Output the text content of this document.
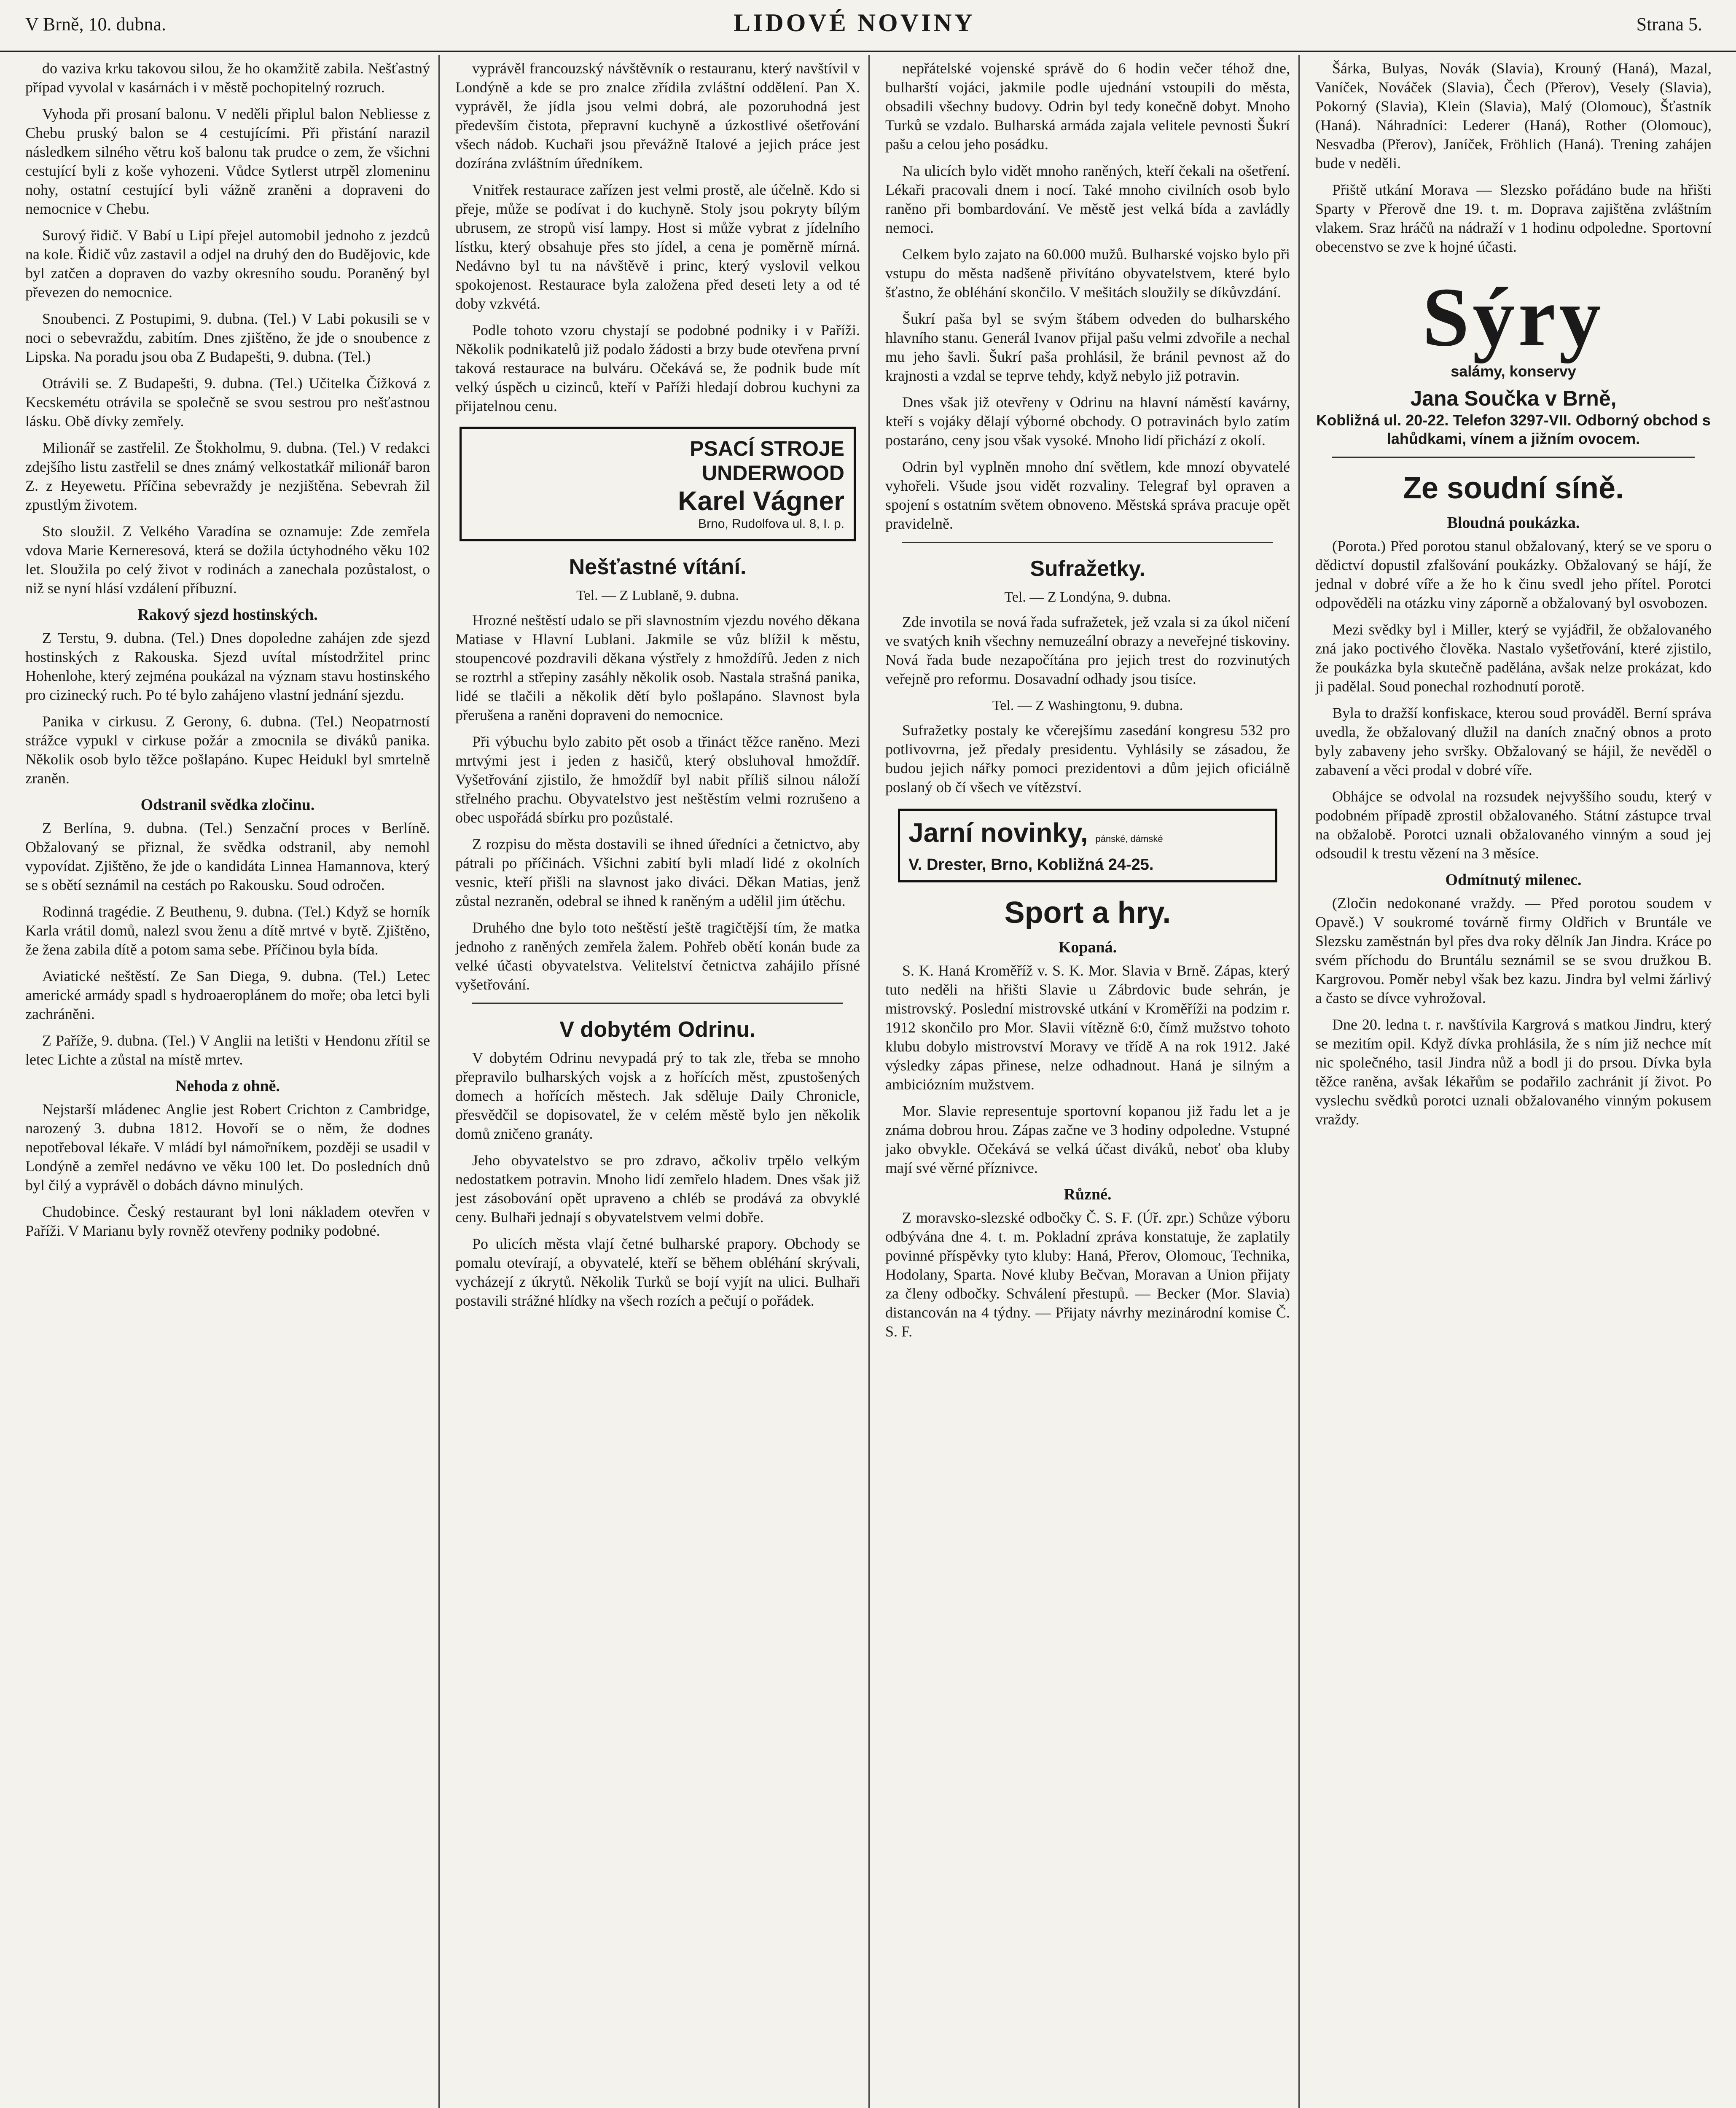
V Brně, 10. dubna.	LIDOVÉ NOVINY	Strana 5.

do vaziva krku takovou silou, že ho okamžitě zabila. Nešťastný případ vyvolal v kasárnách i v městě pochopitelný rozruch.

Vyhoda při prosaní balonu. V neděli připlul balon Nebliesse z Chebu pruský balon se 4 cestujícími. Při přistání narazil následkem silného větru koš balonu tak prudce o zem, že všichni cestující byli z koše vyhozeni. Vůdce Sytlerst utrpěl zlomeninu nohy, ostatní cestující byli vážně zraněni a dopraveni do nemocnice v Chebu.

Surový řidič. V Babí u Lipí přejel automobil jednoho z jezdců na kole. Řidič vůz zastavil a odjel na druhý den do Budějovic, kde byl zatčen a dopraven do vazby okresního soudu. Poraněný byl převezen do nemocnice.

Snoubenci. Z Postupimi, 9. dubna. (Tel.) V Labi pokusili se v noci o sebevraždu, zabitím. Dnes zjištěno, že jde o snoubence z Lipska. Na poradu jsou oba Z Budapešti, 9. dubna. (Tel.)

Otrávili se. Z Budapešti, 9. dubna. (Tel.) Učitelka Čížková z Kecskemétu otrávila se společně se svou sestrou pro nešťastnou lásku. Obě dívky zemřely.

Milionář se zastřelil. Ze Štokholmu, 9. dubna. (Tel.) V redakci zdejšího listu zastřelil se dnes známý velkostatkář milionář baron Z. z Heyewetu. Příčina sebevraždy je nezjištěna. Sebevrah žil zpustlým životem.

Sto sloužil. Z Velkého Varadína se oznamuje: Zde zemřela vdova Marie Kerneresová, která se dožila úctyhodného věku 102 let. Sloužila po celý život v rodinách a zanechala pozůstalost, o niž se nyní hlásí vzdálení příbuzní.

Rakový sjezd hostinských.

Z Terstu, 9. dubna. (Tel.) Dnes dopoledne zahájen zde sjezd hostinských z Rakouska. Sjezd uvítal místodržitel princ Hohenlohe, který zejména poukázal na význam stavu hostinského pro cizinecký ruch. Po té bylo zahájeno vlastní jednání sjezdu.

Panika v cirkusu. Z Gerony, 6. dubna. (Tel.) Neopatrností strážce vypukl v cirkuse požár a zmocnila se diváků panika. Několik osob bylo těžce pošlapáno. Kupec Heidukl byl smrtelně zraněn.

Odstranil svědka zločinu.

Z Berlína, 9. dubna. (Tel.) Senzační proces v Berlíně. Obžalovaný se přiznal, že svědka odstranil, aby nemohl vypovídat. Zjištěno, že jde o kandidáta Linnea Hamannova, který se s obětí seznámil na cestách po Rakousku. Soud odročen.

Rodinná tragédie. Z Beuthenu, 9. dubna. (Tel.) Když se horník Karla vrátil domů, nalezl svou ženu a dítě mrtvé v bytě. Zjištěno, že žena zabila dítě a potom sama sebe. Příčinou byla bída.

Aviatické neštěstí. Ze San Diega, 9. dubna. (Tel.) Letec americké armády spadl s hydroaeroplánem do moře; oba letci byli zachráněni.

Z Paříže, 9. dubna. (Tel.) V Anglii na letišti v Hendonu zřítil se letec Lichte a zůstal na místě mrtev.

Nehoda z ohně.

Nejstarší mládenec Anglie jest Robert Crichton z Cambridge, narozený 3. dubna 1812. Hovoří se o něm, že dodnes nepotřeboval lékaře. V mládí byl námořníkem, později se usadil v Londýně a zemřel nedávno ve věku 100 let. Do posledních dnů byl čilý a vyprávěl o dobách dávno minulých.

Chudobince. Český restaurant byl loni nákladem otevřen v Paříži. V Marianu byly rovněž otevřeny podniky podobné.

vyprávěl francouzský návštěvník o restauranu, který navštívil v Londýně a kde se pro znalce zřídila zvláštní oddělení. Pan X. vyprávěl, že jídla jsou velmi dobrá, ale pozoruhodná jest především čistota, přepravní kuchyně a úzkostlivé ošetřování všech nádob. Kuchaři jsou převážně Italové a jejich práce jest dozírána zvláštním úředníkem.

Vnitřek restaurace zařízen jest velmi prostě, ale účelně. Kdo si přeje, může se podívat i do kuchyně. Stoly jsou pokryty bílým ubrusem, ze stropů visí lampy. Host si může vybrat z jídelního lístku, který obsahuje přes sto jídel, a cena je poměrně mírná. Nedávno byl tu na návštěvě i princ, který vyslovil velkou spokojenost. Restaurace byla založena před deseti lety a od té doby vzkvétá.

Podle tohoto vzoru chystají se podobné podniky i v Paříži. Několik podnikatelů již podalo žádosti a brzy bude otevřena první taková restaurace na bulváru. Očekává se, že podnik bude mít velký úspěch u cizinců, kteří v Paříži hledají dobrou kuchyni za přijatelnou cenu.

PSACÍ STROJE
UNDERWOOD
Karel Vágner
Brno, Rudolfova ul. 8, I. p.
Nešťastné vítání.
Tel. — Z Lublaně, 9. dubna.

Hrozné neštěstí udalo se při slavnostním vjezdu nového děkana Matiase v Hlavní Lublani. Jakmile se vůz blížil k městu, stoupencové pozdravili děkana výstřely z hmoždířů. Jeden z nich se roztrhl a střepiny zasáhly několik osob. Nastala strašná panika, lidé se tlačili a několik dětí bylo pošlapáno. Slavnost byla přerušena a raněni dopraveni do nemocnice.

Při výbuchu bylo zabito pět osob a třináct těžce raněno. Mezi mrtvými jest i jeden z hasičů, který obsluhoval hmoždíř. Vyšetřování zjistilo, že hmoždíř byl nabit příliš silnou náloží střelného prachu. Obyvatelstvo jest neštěstím velmi rozrušeno a obec uspořádá sbírku pro pozůstalé.

Z rozpisu do města dostavili se ihned úředníci a četnictvo, aby pátrali po příčinách. Všichni zabití byli mladí lidé z okolních vesnic, kteří přišli na slavnost jako diváci. Děkan Matias, jenž zůstal nezraněn, odebral se ihned k raněným a udělil jim útěchu.

Druhého dne bylo toto neštěstí ještě tragičtější tím, že matka jednoho z raněných zemřela žalem. Pohřeb obětí konán bude za velké účasti obyvatelstva. Velitelství četnictva zahájilo přísné vyšetřování.

V dobytém Odrinu.

V dobytém Odrinu nevypadá prý to tak zle, třeba se mnoho přepravilo bulharských vojsk a z hořících měst, zpustošených domech a hořících městech. Jak sděluje Daily Chronicle, přesvědčil se dopisovatel, že v celém městě bylo jen několik domů zničeno granáty.

Jeho obyvatelstvo se pro zdravo, ačkoliv trpělo velkým nedostatkem potravin. Mnoho lidí zemřelo hladem. Dnes však již jest zásobování opět upraveno a chléb se prodává za obvyklé ceny. Bulhaři jednají s obyvatelstvem velmi dobře.

Po ulicích města vlají četné bulharské prapory. Obchody se pomalu otevírají, a obyvatelé, kteří se během obléhání skrývali, vycházejí z úkrytů. Několik Turků se bojí vyjít na ulici. Bulhaři postavili strážné hlídky na všech rozích a pečují o pořádek.

nepřátelské vojenské správě do 6 hodin večer téhož dne, bulharští vojáci, jakmile podle ujednání vstoupili do města, obsadili všechny budovy. Odrin byl tedy konečně dobyt. Mnoho Turků se vzdalo. Bulharská armáda zajala velitele pevnosti Šukrí pašu a celou jeho posádku.

Na ulicích bylo vidět mnoho raněných, kteří čekali na ošetření. Lékaři pracovali dnem i nocí. Také mnoho civilních osob bylo raněno při bombardování. Ve městě jest velká bída a zavládly nemoci.

Celkem bylo zajato na 60.000 mužů. Bulharské vojsko bylo při vstupu do města nadšeně přivítáno obyvatelstvem, které bylo šťastno, že obléhání skončilo. V mešitách sloužily se díkůvzdání.

Šukrí paša byl se svým štábem odveden do bulharského hlavního stanu. Generál Ivanov přijal pašu velmi zdvořile a nechal mu jeho šavli. Šukrí paša prohlásil, že bránil pevnost až do krajnosti a vzdal se teprve tehdy, když nebylo již potravin.

Dnes však již otevřeny v Odrinu na hlavní náměstí kavárny, kteří s vojáky dělají výborné obchody. O potravinách bylo zatím postaráno, ceny jsou však vysoké. Mnoho lidí přichází z okolí.

Odrin byl vyplněn mnoho dní světlem, kde mnozí obyvatelé vyhořeli. Všude jsou vidět rozvaliny. Telegraf byl opraven a spojení s ostatním světem obnoveno. Městská správa pracuje opět pravidelně.

Sufražetky.
Tel. — Z Londýna, 9. dubna.

Zde invotila se nová řada sufražetek, jež vzala si za úkol ničení ve svatých knih všechny nemuzeální obrazy a neveřejné tiskoviny. Nová řada bude nezapočítána pro jejich trest do rozvinutých veřejně pro reformu. Dosavadní odhady jsou tisíce.

Tel. — Z Washingtonu, 9. dubna.

Sufražetky postaly ke včerejšímu zasedání kongresu 532 pro potlivovrna, jež předaly presidentu. Vyhlásily se zásadou, že budou jejich nářky pomoci prezidentovi a dům jejich oficiálně poslaný ob čí všech ve vítězství.

Jarní novinky, pánské, dámské
V. Drester, Brno, Kobližná 24-25.
Sport a hry.
Kopaná.

S. K. Haná Kroměříž v. S. K. Mor. Slavia v Brně. Zápas, který tuto neděli na hřišti Slavie u Zábrdovic bude sehrán, je mistrovský. Poslední mistrovské utkání v Kroměříži na podzim r. 1912 skončilo pro Mor. Slavii vítězně 6:0, čímž mužstvo tohoto klubu dobylo mistrovství Moravy ve třídě A na rok 1912. Jaké výsledky zápas přinese, nelze odhadnout. Haná je silným a ambiciózním mužstvem.

Mor. Slavie representuje sportovní kopanou již řadu let a je známa dobrou hrou. Zápas začne ve 3 hodiny odpoledne. Vstupné jako obvykle. Očekává se velká účast diváků, neboť oba kluby mají své věrné příznivce.

Různé.

Z moravsko-slezské odbočky Č. S. F. (Úř. zpr.) Schůze výboru odbývána dne 4. t. m. Pokladní zpráva konstatuje, že zaplatily povinné příspěvky tyto kluby: Haná, Přerov, Olomouc, Technika, Hodolany, Sparta. Nové kluby Bečvan, Moravan a Union přijaty za členy odbočky. Schválení přestupů. — Becker (Mor. Slavia) distancován na 4 týdny. — Přijaty návrhy mezinárodní komise Č. S. F.

Šárka, Bulyas, Novák (Slavia), Krouný (Haná), Mazal, Vaníček, Nováček (Slavia), Čech (Přerov), Vesely (Slavia), Pokorný (Slavia), Klein (Slavia), Malý (Olomouc), Šťastník (Haná). Náhradníci: Lederer (Haná), Rother (Olomouc), Nesvadba (Přerov), Janíček, Fröhlich (Haná). Trening zahájen bude v neděli.

Přiště utkání Morava — Slezsko pořádáno bude na hřišti Sparty v Přerově dne 19. t. m. Doprava zajištěna zvláštním vlakem. Sraz hráčů na nádraží v 1 hodinu odpoledne. Sportovní obecenstvo se zve k hojné účasti.

Sýry
salámy, konservy
Jana Součka v Brně,
Kobližná ul. 20-22. Telefon 3297-VII. Odborný obchod s lahůdkami, vínem a jižním ovocem.
Ze soudní síně.
Bloudná poukázka.

(Porota.) Před porotou stanul obžalovaný, který se ve sporu o dědictví dopustil zfalšování poukázky. Obžalovaný se hájí, že jednal v dobré víře a že ho k činu svedl jeho přítel. Porotci odpověděli na otázku viny záporně a obžalovaný byl osvobozen.

Mezi svědky byl i Miller, který se vyjádřil, že obžalovaného zná jako poctivého člověka. Nastalo vyšetřování, které zjistilo, že poukázka byla skutečně padělána, avšak nelze prokázat, kdo ji padělal. Soud ponechal rozhodnutí porotě.

Byla to dražší konfiskace, kterou soud prováděl. Berní správa uvedla, že obžalovaný dlužil na daních značný obnos a proto byly zabaveny jeho svršky. Obžalovaný se hájil, že nevěděl o zabavení a věci prodal v dobré víře.

Obhájce se odvolal na rozsudek nejvyššího soudu, který v podobném případě zprostil obžalovaného. Státní zástupce trval na obžalobě. Porotci uznali obžalovaného vinným a soud jej odsoudil k trestu vězení na 3 měsíce.

Odmítnutý milenec.

(Zločin nedokonané vraždy. — Před porotou soudem v Opavě.) V soukromé továrně firmy Oldřich v Bruntále ve Slezsku zaměstnán byl přes dva roky dělník Jan Jindra. Kráce po svém příchodu do Bruntálu seznámil se se svou družkou B. Kargrovou. Poměr nebyl však bez kazu. Jindra byl velmi žárlivý a často se dívce vyhrožoval.

Dne 20. ledna t. r. navštívila Kargrová s matkou Jindru, který se mezitím opil. Když dívka prohlásila, že s ním již nechce mít nic společného, tasil Jindra nůž a bodl ji do prsou. Dívka byla těžce raněna, avšak lékařům se podařilo zachránit jí život. Po vyslechu svědků porotci uznali obžalovaného vinným pokusem vraždy.
